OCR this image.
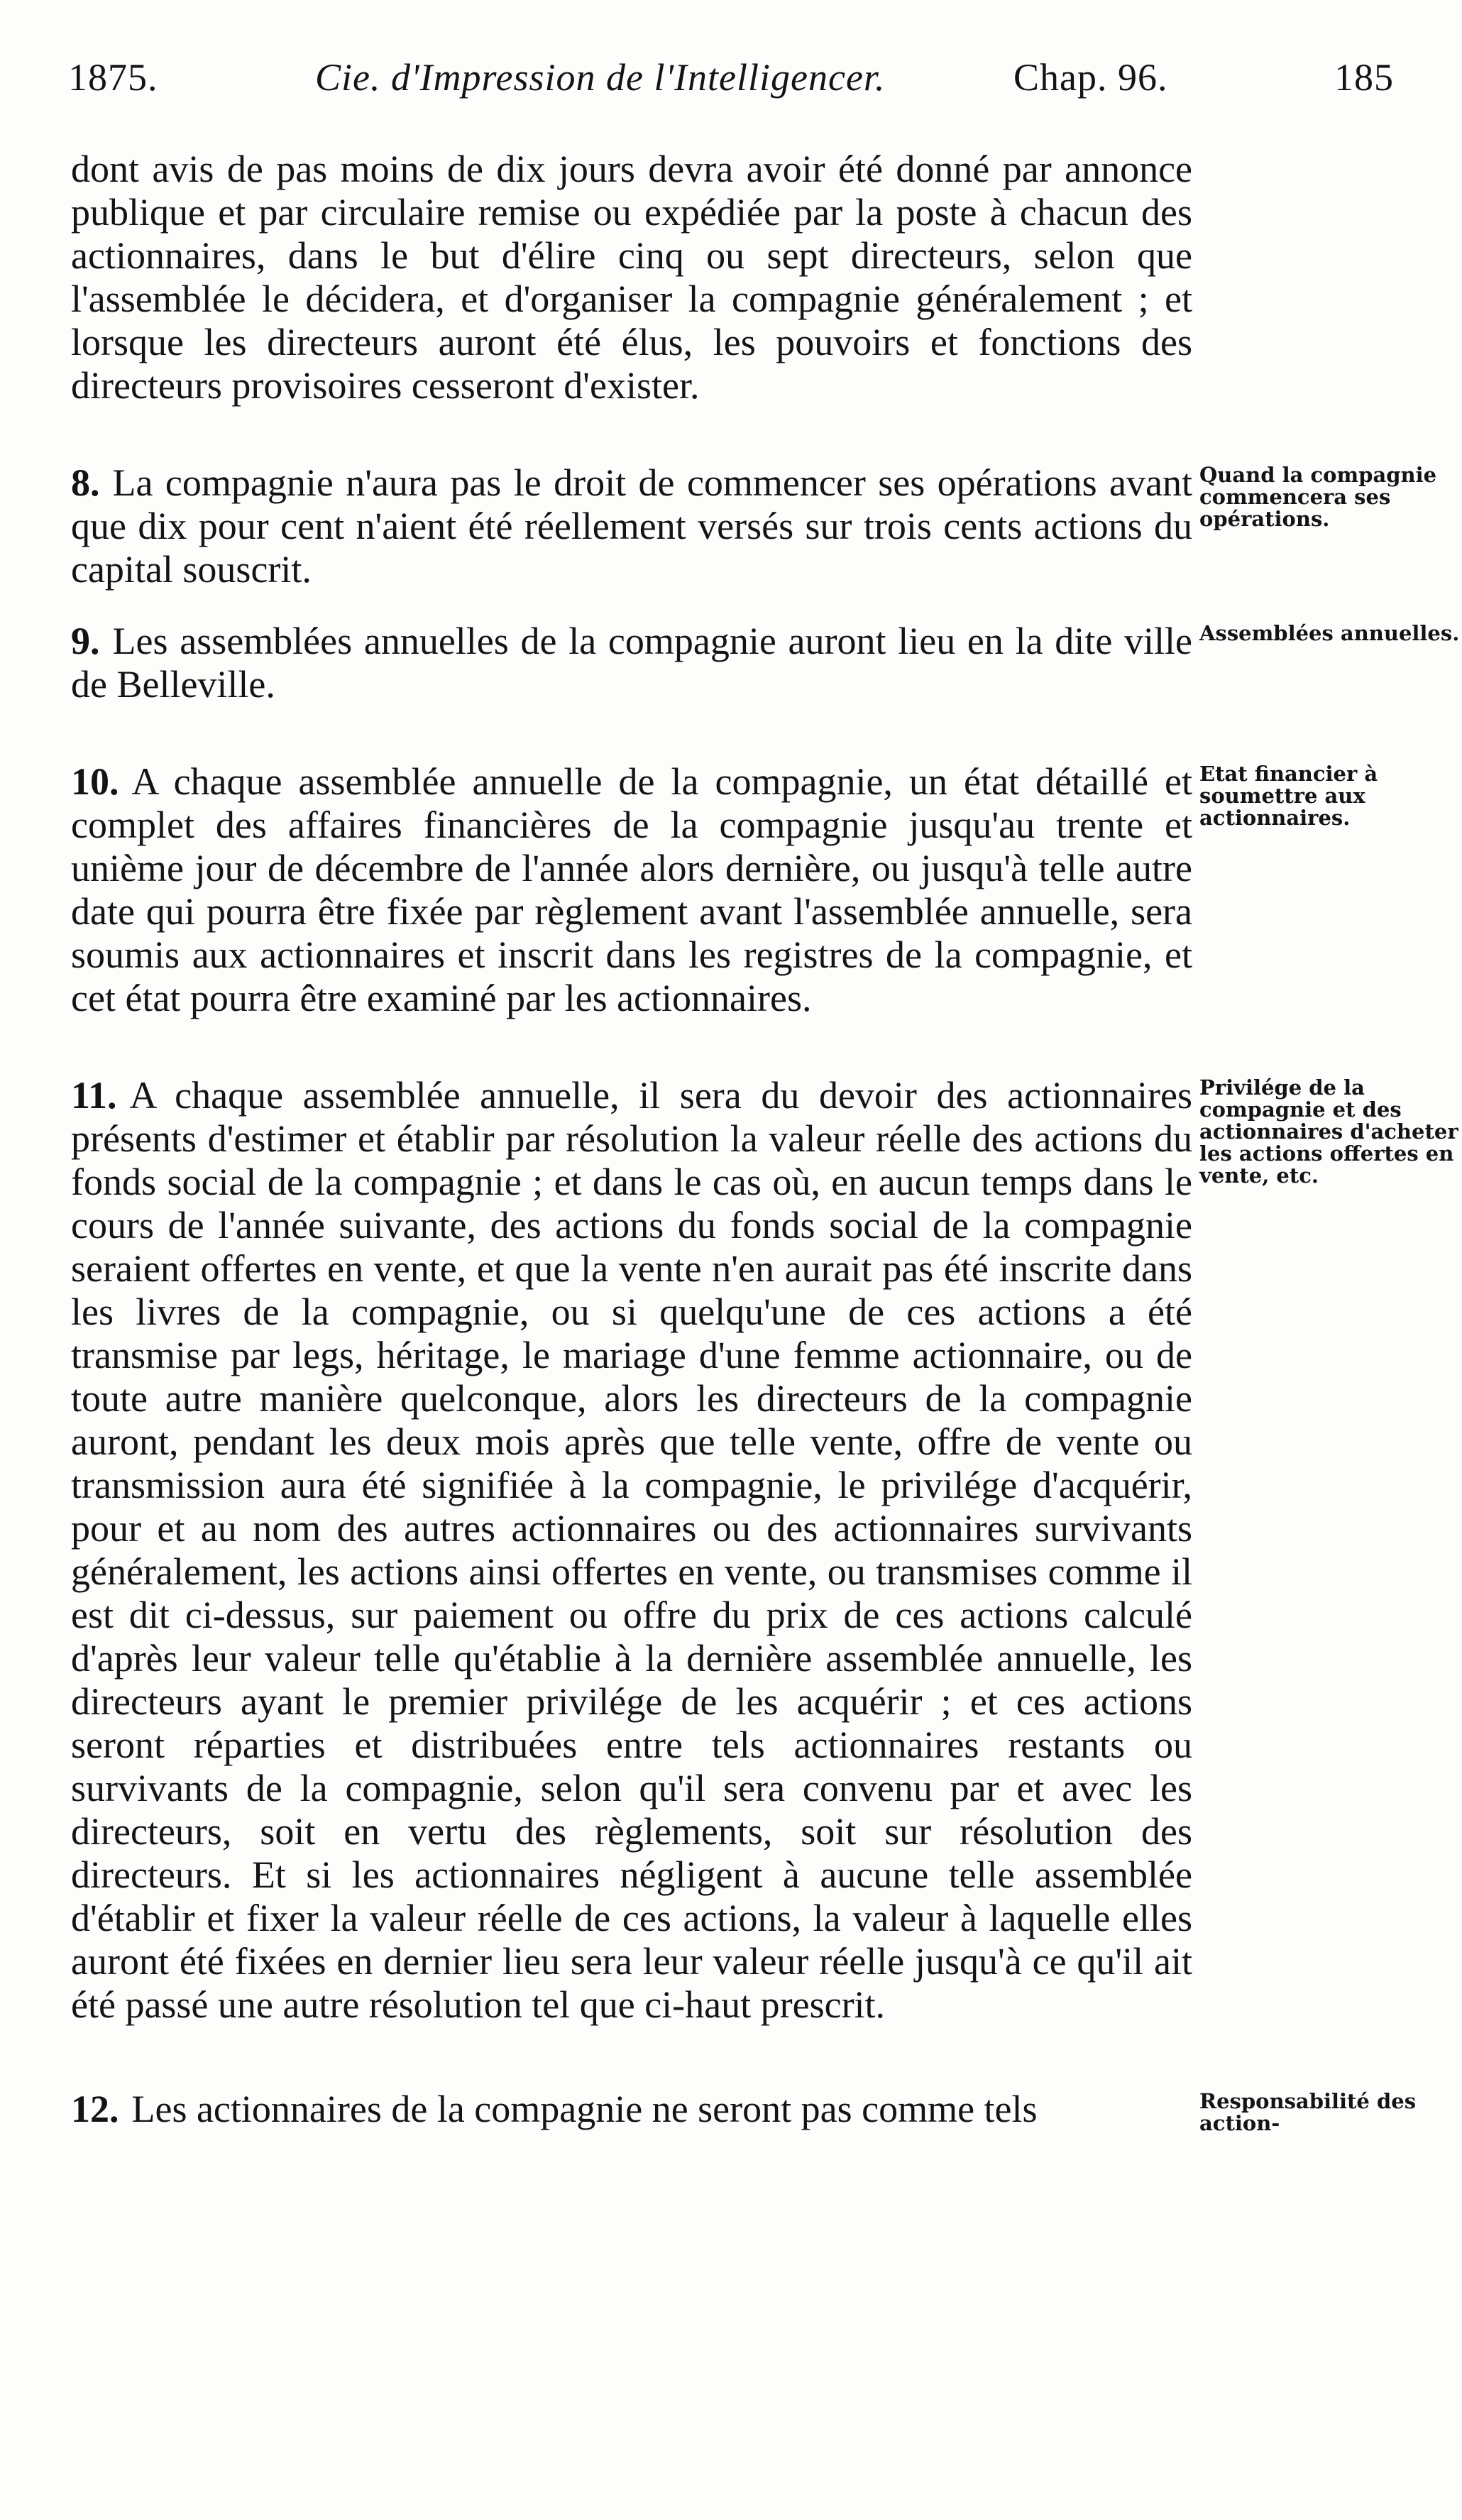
1875.	Cie. d'Impression de l'Intelligencer.	Chap. 96.	185

dont avis de pas moins de dix jours devra avoir été donné par annonce publique et par circulaire remise ou expédiée par la poste à chacun des actionnaires, dans le but d'élire cinq ou sept directeurs, selon que l'assemblée le décidera, et d'organiser la compagnie généralement ; et lorsque les directeurs auront été élus, les pouvoirs et fonctions des directeurs provisoires cesseront d'exister.

8. La compagnie n'aura pas le droit de commencer ses opérations avant que dix pour cent n'aient été réellement versés sur trois cents actions du capital souscrit.
Quand la compagnie commencera ses opérations.

9. Les assemblées annuelles de la compagnie auront lieu en la dite ville de Belleville.
Assemblées annuelles.

10. A chaque assemblée annuelle de la compagnie, un état détaillé et complet des affaires financières de la compagnie jusqu'au trente et unième jour de décembre de l'année alors dernière, ou jusqu'à telle autre date qui pourra être fixée par règlement avant l'assemblée annuelle, sera soumis aux actionnaires et inscrit dans les registres de la compagnie, et cet état pourra être examiné par les actionnaires.
Etat financier à soumettre aux actionnaires.

11. A chaque assemblée annuelle, il sera du devoir des actionnaires présents d'estimer et établir par résolution la valeur réelle des actions du fonds social de la compagnie ; et dans le cas où, en aucun temps dans le cours de l'année suivante, des actions du fonds social de la compagnie seraient offertes en vente, et que la vente n'en aurait pas été inscrite dans les livres de la compagnie, ou si quelqu'une de ces actions a été transmise par legs, héritage, le mariage d'une femme actionnaire, ou de toute autre manière quelconque, alors les directeurs de la compagnie auront, pendant les deux mois après que telle vente, offre de vente ou transmission aura été signifiée à la compagnie, le privilége d'acquérir, pour et au nom des autres actionnaires ou des actionnaires survivants généralement, les actions ainsi offertes en vente, ou transmises comme il est dit ci-dessus, sur paiement ou offre du prix de ces actions calculé d'après leur valeur telle qu'établie à la dernière assemblée annuelle, les directeurs ayant le premier privilége de les acquérir ; et ces actions seront réparties et distribuées entre tels actionnaires restants ou survivants de la compagnie, selon qu'il sera convenu par et avec les directeurs, soit en vertu des règlements, soit sur résolution des directeurs. Et si les actionnaires négligent à aucune telle assemblée d'établir et fixer la valeur réelle de ces actions, la valeur à laquelle elles auront été fixées en dernier lieu sera leur valeur réelle jusqu'à ce qu'il ait été passé une autre résolution tel que ci-haut prescrit.
Privilége de la compagnie et des actionnaires d'acheter les actions offertes en vente, etc.

12. Les actionnaires de la compagnie ne seront pas comme tels	Responsabilité des action-
